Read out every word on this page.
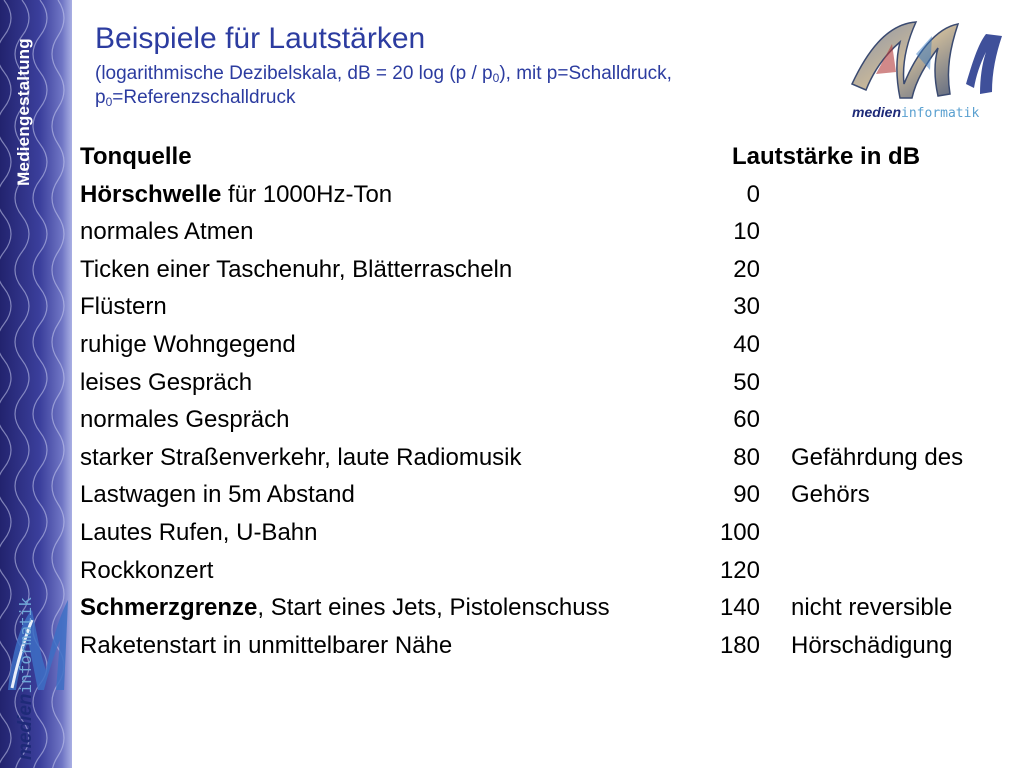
Mediengestaltung
medieninformatik
Beispiele für Lautstärken

(logarithmische Dezibelskala, dB = 20 $\log (p / p_0)$, mit p=Schalldruck, $p_0=Referenzschalldruck$

medieninformatik
Tonquelle	Lautstärke in dB
Hörschwelle für 1000Hz-Ton	0
normales Atmen	10
Ticken einer Taschenuhr, Blätterrascheln	20
Flüstern	30
ruhige Wohngegend	40
leises Gespräch	50
normales Gespräch	60
starker Straßenverkehr, laute Radiomusik	80 Gefährdung des
Lastwagen in 5m Abstand	90 Gehörs
Lautes Rufen, U-Bahn	100
Rockkonzert	120
Schmerzgrenze, Start eines Jets, Pistolenschuss	140 nicht reversible
Raketenstart in unmittelbarer Nähe	180 Hörschädigung
